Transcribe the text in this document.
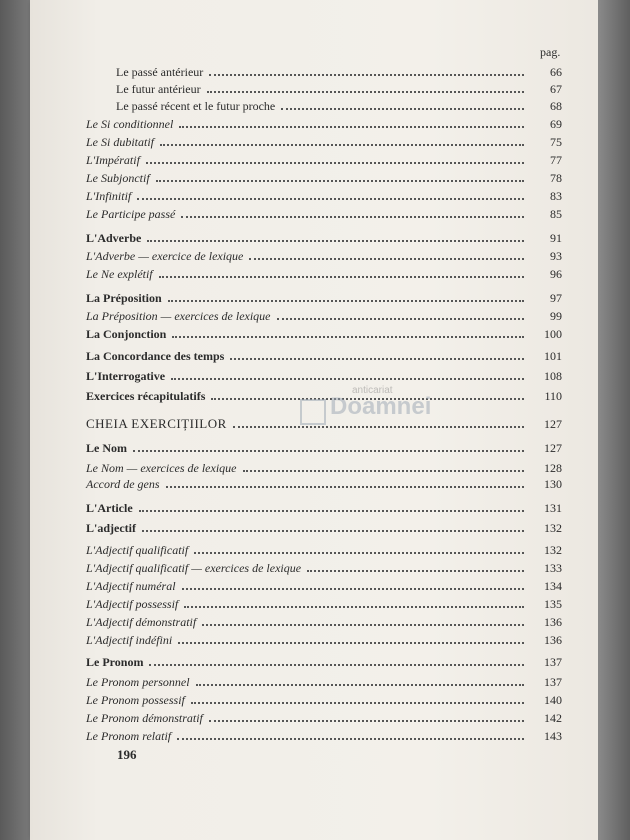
pag.
Le passé antérieur	66
Le futur antérieur	67
Le passé récent et le futur proche	68
Le Si conditionnel	69
Le Si dubitatif	75
L'Impératif	77
Le Subjonctif	78
L'Infinitif	83
Le Participe passé	85
L'Adverbe	91
L'Adverbe — exercice de lexique	93
Le Ne explétif	96
La Préposition	97
La Préposition — exercices de lexique	99
La Conjonction	100
La Concordance des temps	101
L'Interrogative	108
Exercices récapitulatifs	110
CHEIA EXERCIȚIILOR	127
Le Nom	127
Le Nom — exercices de lexique	128
Accord de gens	130
L'Article	131
L'adjectif	132
L'Adjectif qualificatif	132
L'Adjectif qualificatif — exercices de lexique	133
L'Adjectif numéral	134
L'Adjectif possessif	135
L'Adjectif démonstratif	136
L'Adjectif indéfini	136
Le Pronom	137
Le Pronom personnel	137
Le Pronom possessif	140
Le Pronom démonstratif	142
Le Pronom relatif	143
anticariat
Doamnei
196
